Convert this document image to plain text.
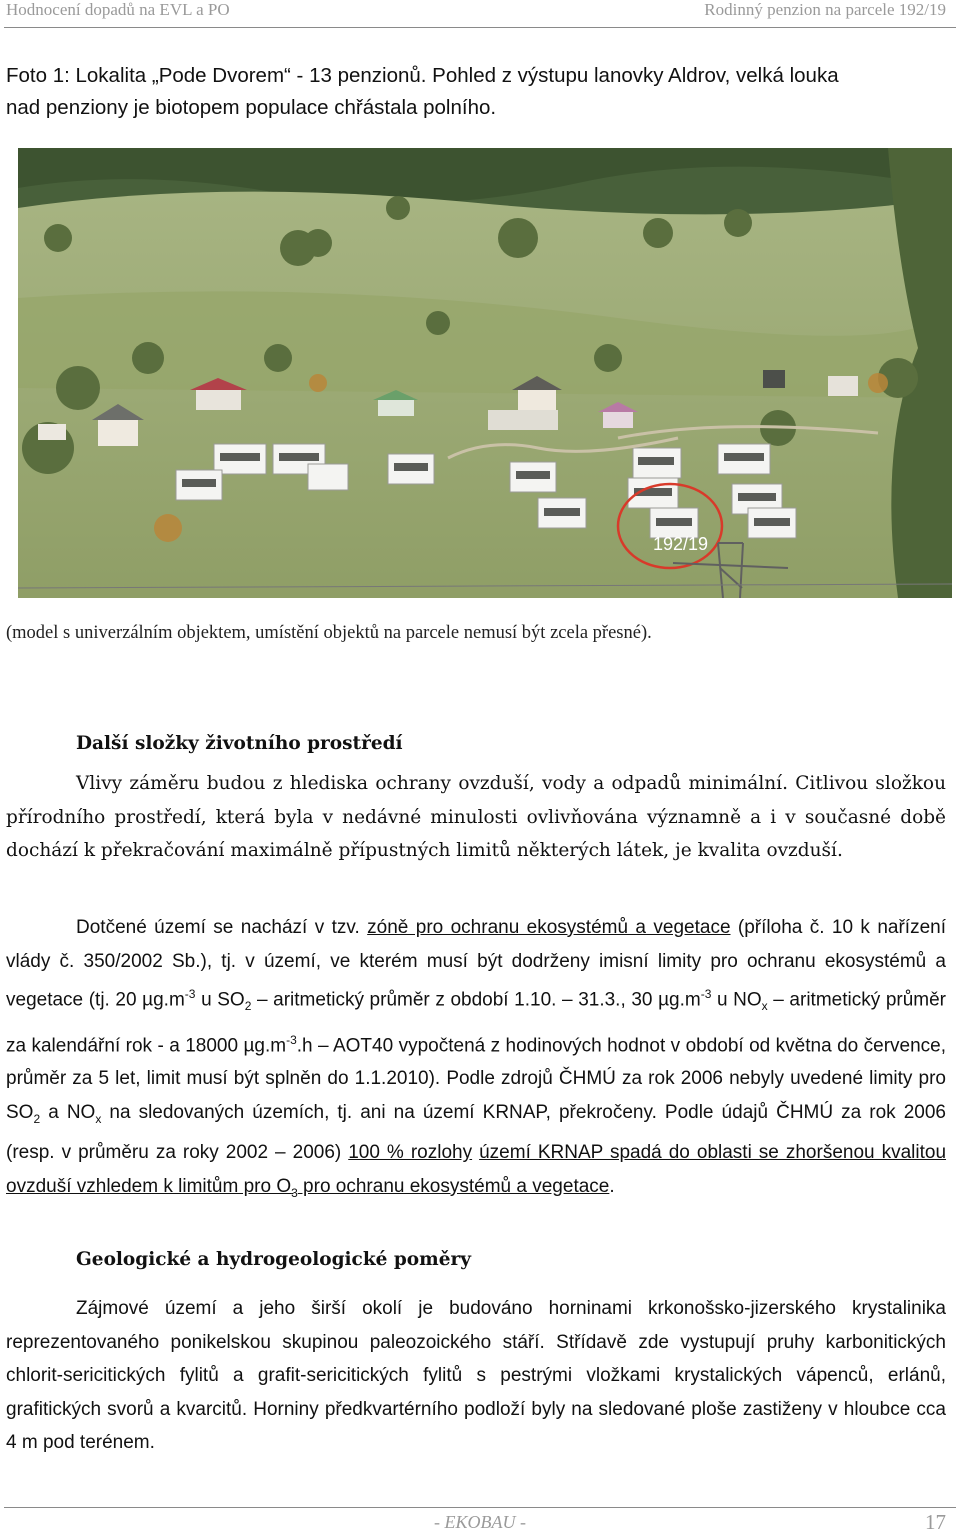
Hodnocení dopadů na EVL a PO	Rodinný penzion na parcele 192/19
Foto 1: Lokalita „Pode Dvorem“ - 13 penzionů. Pohled z výstupu lanovky Aldrov, velká louka
nad penziony je biotopem populace chřástala polního.
192/19
(model s univerzálním objektem, umístění objektů na parcele nemusí být zcela přesné).
Další složky životního prostředí

Vlivy záměru budou z hlediska ochrany ovzduší, vody a odpadů minimální. Citlivou složkou přírodního prostředí, která byla v nedávné minulosti ovlivňována významně a i v současné době dochází k překračování maximálně přípustných limitů některých látek, je kvalita ovzduší.

Dotčené území se nachází v tzv. zóně pro ochranu ekosystémů a vegetace (příloha č. 10 k nařízení vlády č. 350/2002 Sb.), tj. v území, ve kterém musí být dodrženy imisní limity pro ochranu ekosystémů a vegetace (tj. 20 $\mu g.m^{-3}$ u $SO_2$ – aritmetický průměr z období 1.10. – 31.3., 30 $\mu g.m^{-3}$ u $NO_x$ – aritmetický průměr za kalendářní rok - a 18000 $\mu g.m^{-3}.h - AOT40$ vypočtená z hodinových hodnot v období od května do července, průměr za 5 let, limit musí být splněn do 1.1.2010). Podle zdrojů ČHMÚ za rok 2006 nebyly uvedené limity pro $SO_2$ a $NO_x$ na sledovaných územích, tj. ani na území KRNAP, překročeny. Podle údajů ČHMÚ za rok 2006 (resp. v průměru za roky 2002 – 2006) 100 % rozlohy území KRNAP spadá do oblasti se zhoršenou kvalitou ovzduší vzhledem k limitům pro $O_3$ pro ochranu ekosystémů a vegetace.

Geologické a hydrogeologické poměry

Zájmové území a jeho širší okolí je budováno horninami krkonošsko-jizerského krystalinika reprezentovaného ponikelskou skupinou paleozoického stáří. Střídavě zde vystupují pruhy karbonitických chlorit-sericitických fylitů a grafit-sericitických fylitů s pestrými vložkami krystalických vápenců, erlánů, grafitických svorů a kvarcitů. Horniny předkvartérního podloží byly na sledované ploše zastiženy v hloubce cca 4 m pod terénem.

- EKOBAU -	17
